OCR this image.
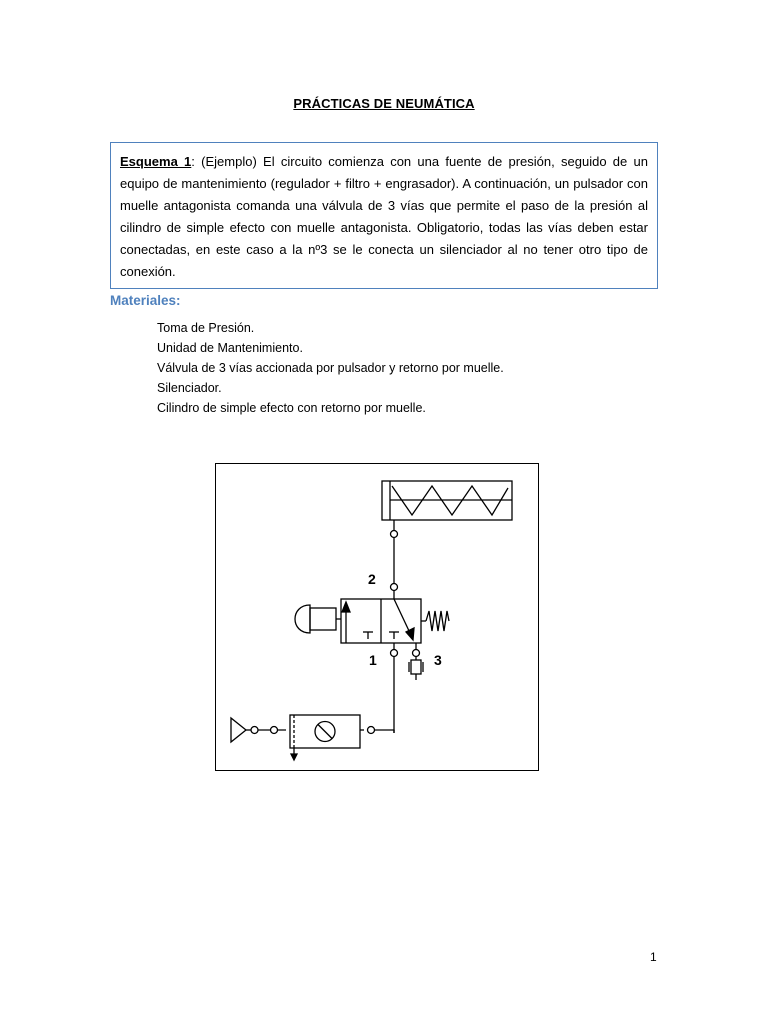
PRÁCTICAS DE NEUMÁTICA
Esquema 1: (Ejemplo) El circuito comienza con una fuente de presión, seguido de un equipo de mantenimiento (regulador + filtro + engrasador). A continuación, un pulsador con muelle antagonista comanda una válvula de 3 vías que permite el paso de la presión al cilindro de simple efecto con muelle antagonista. Obligatorio, todas las vías deben estar conectadas, en este caso a la nº3 se le conecta un silenciador al no tener otro tipo de conexión.
Materiales:
Toma de Presión.
Unidad de Mantenimiento.
Válvula de 3 vías accionada por pulsador y retorno por muelle.
Silenciador.
Cilindro de simple efecto con retorno por muelle.
2
1	3
1
